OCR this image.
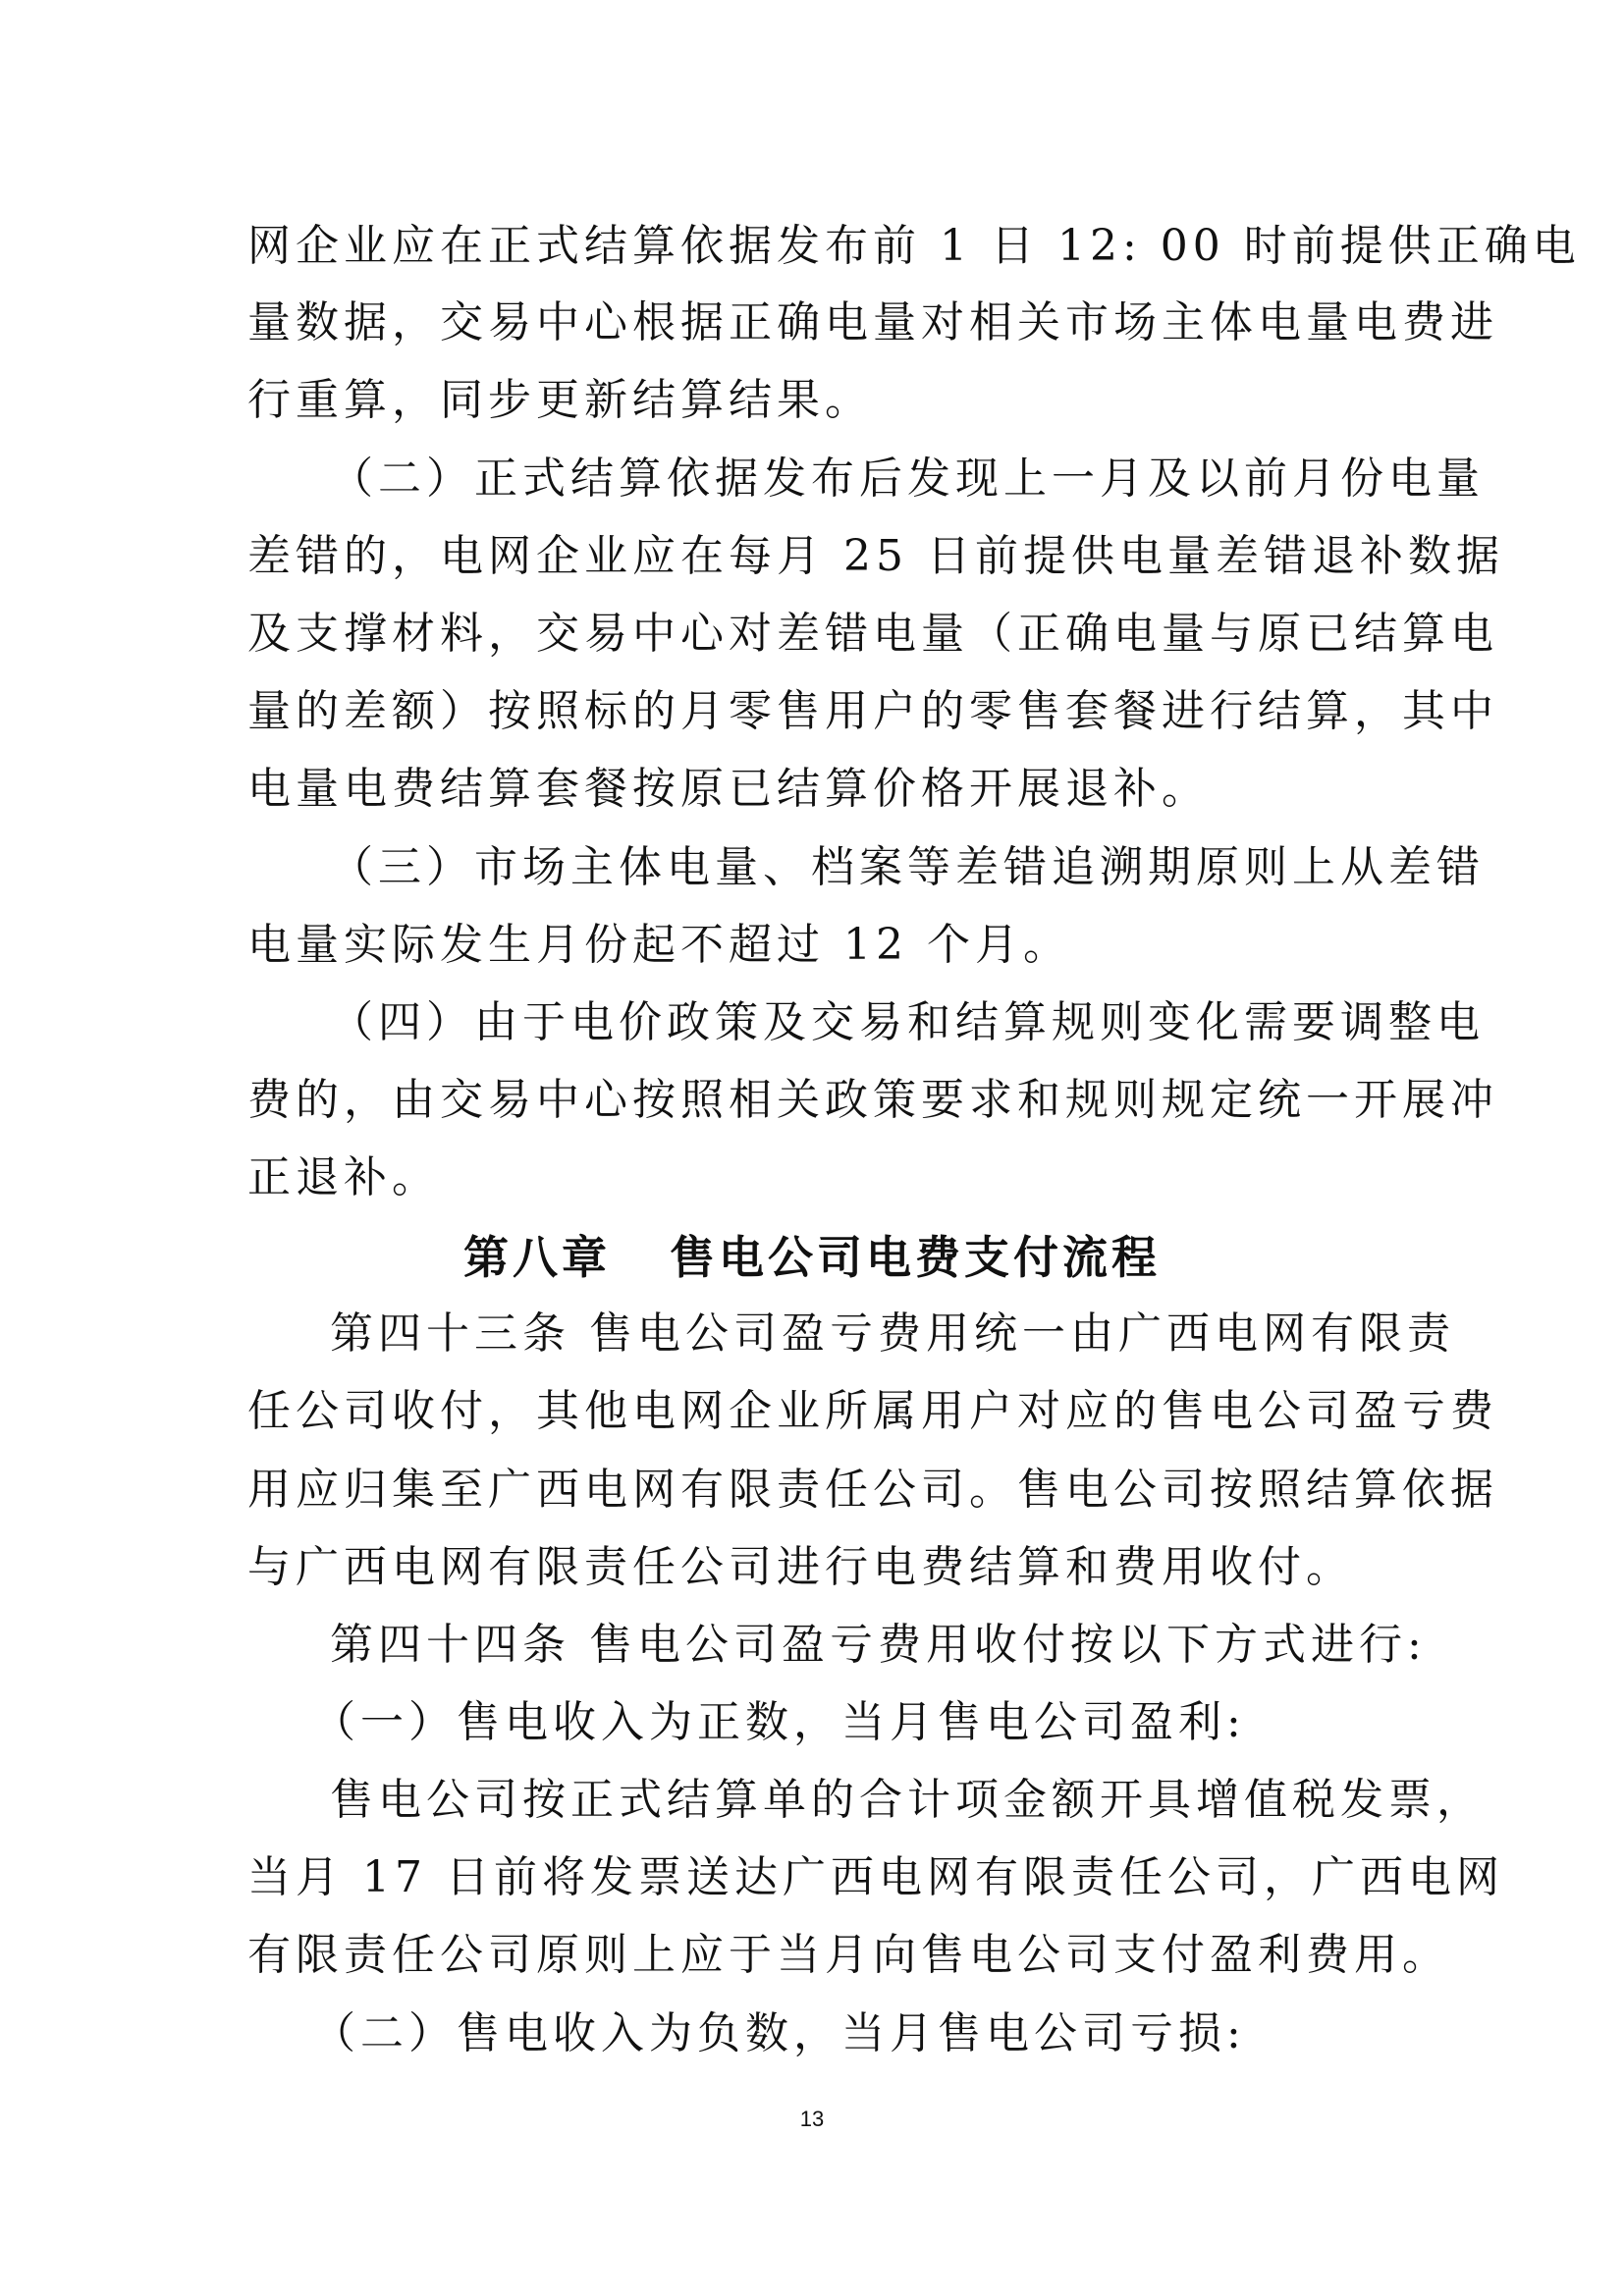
网企业应在正式结算依据发布前 1 日 12: 00 时前提供正确电
量数据，交易中心根据正确电量对相关市场主体电量电费进
行重算，同步更新结算结果。
（二）正式结算依据发布后发现上一月及以前月份电量
差错的，电网企业应在每月 25 日前提供电量差错退补数据
及支撑材料，交易中心对差错电量（正确电量与原已结算电
量的差额）按照标的月零售用户的零售套餐进行结算，其中
电量电费结算套餐按原已结算价格开展退补。
（三）市场主体电量、档案等差错追溯期原则上从差错
电量实际发生月份起不超过 12 个月。
（四）由于电价政策及交易和结算规则变化需要调整电
费的，由交易中心按照相关政策要求和规则规定统一开展冲
正退补。
第八章   售电公司电费支付流程
第四十三条 售电公司盈亏费用统一由广西电网有限责
任公司收付，其他电网企业所属用户对应的售电公司盈亏费
用应归集至广西电网有限责任公司。售电公司按照结算依据
与广西电网有限责任公司进行电费结算和费用收付。
第四十四条 售电公司盈亏费用收付按以下方式进行:
（一）售电收入为正数，当月售电公司盈利:
售电公司按正式结算单的合计项金额开具增值税发票，
当月 17 日前将发票送达广西电网有限责任公司，广西电网
有限责任公司原则上应于当月向售电公司支付盈利费用。
（二）售电收入为负数，当月售电公司亏损:
13
